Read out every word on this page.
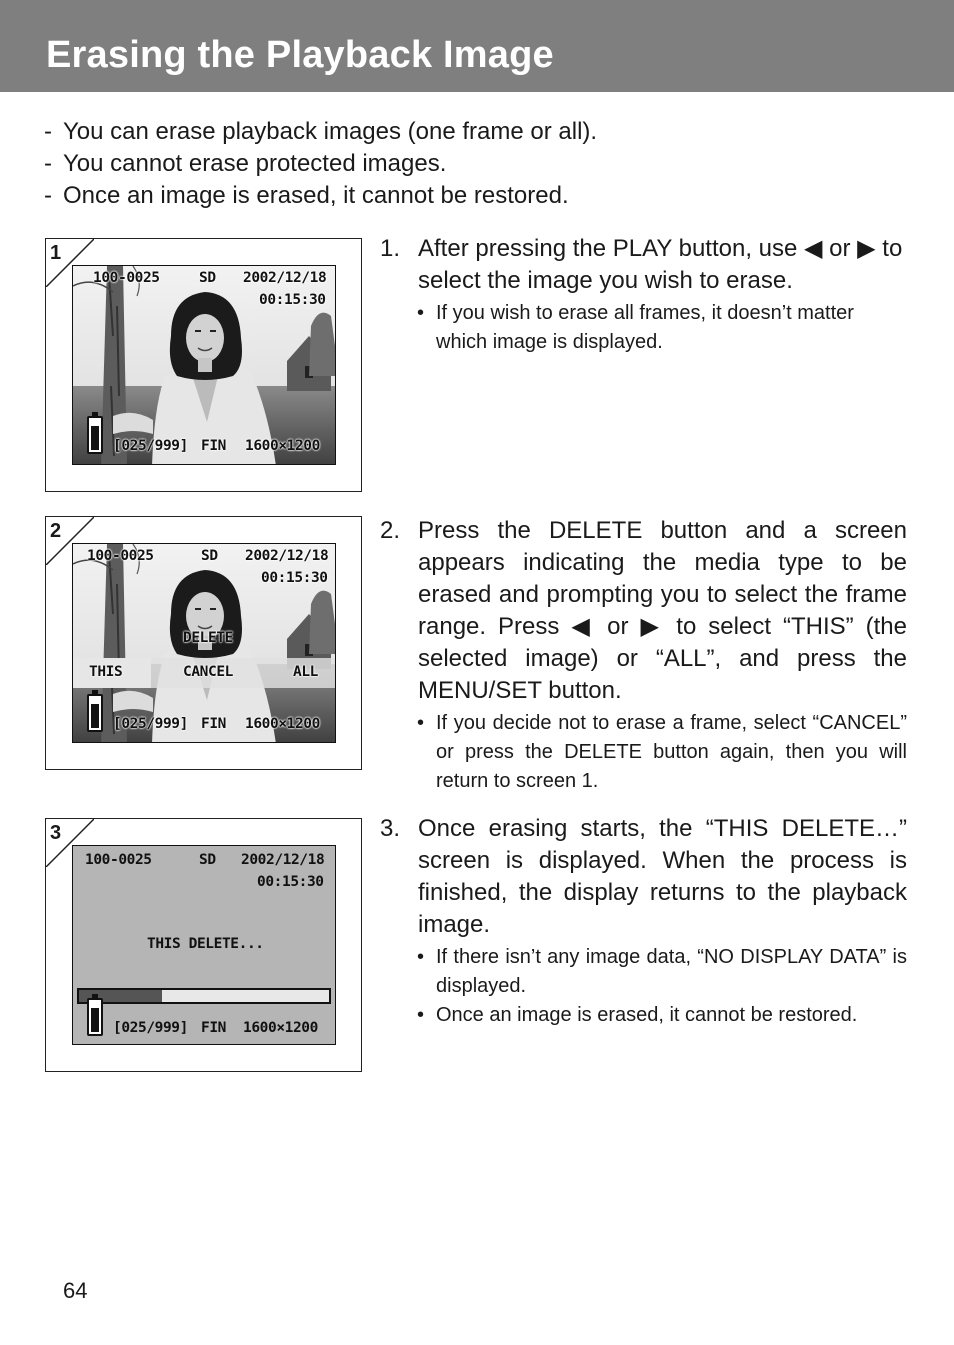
Erasing the Playback Image
- You can erase playback images (one frame or all).
- You cannot erase protected images.
- Once an image is erased, it cannot be restored.
1
100-0025	SD 2002/12/18
00:15:30
[025/999] FIN 1600×1200
2
100-0025	SD 2002/12/18
00:15:30
DELETE
THIS	CANCEL	ALL
[025/999] FIN 1600×1200
3
100-0025	SD 2002/12/18
00:15:30
THIS DELETE...
[025/999] FIN 1600×1200
1. After pressing the PLAY button, use ◀ or ▶ to select the image you wish to erase.
• If you wish to erase all frames, it doesn’t matter which image is displayed.
2. Press the DELETE button and a screen appears indicating the media type to be erased and prompting you to select the frame range. Press ◀ or ▶ to select “THIS” (the selected image) or “ALL”, and press the MENU/SET button.
• If you decide not to erase a frame, select “CANCEL” or press the DELETE button again, then you will return to screen 1.
3. Once erasing starts, the “THIS DELETE…” screen is displayed. When the process is finished, the display returns to the playback image.
• If there isn’t any image data, “NO DISPLAY DATA” is displayed.
• Once an image is erased, it cannot be restored.
64
